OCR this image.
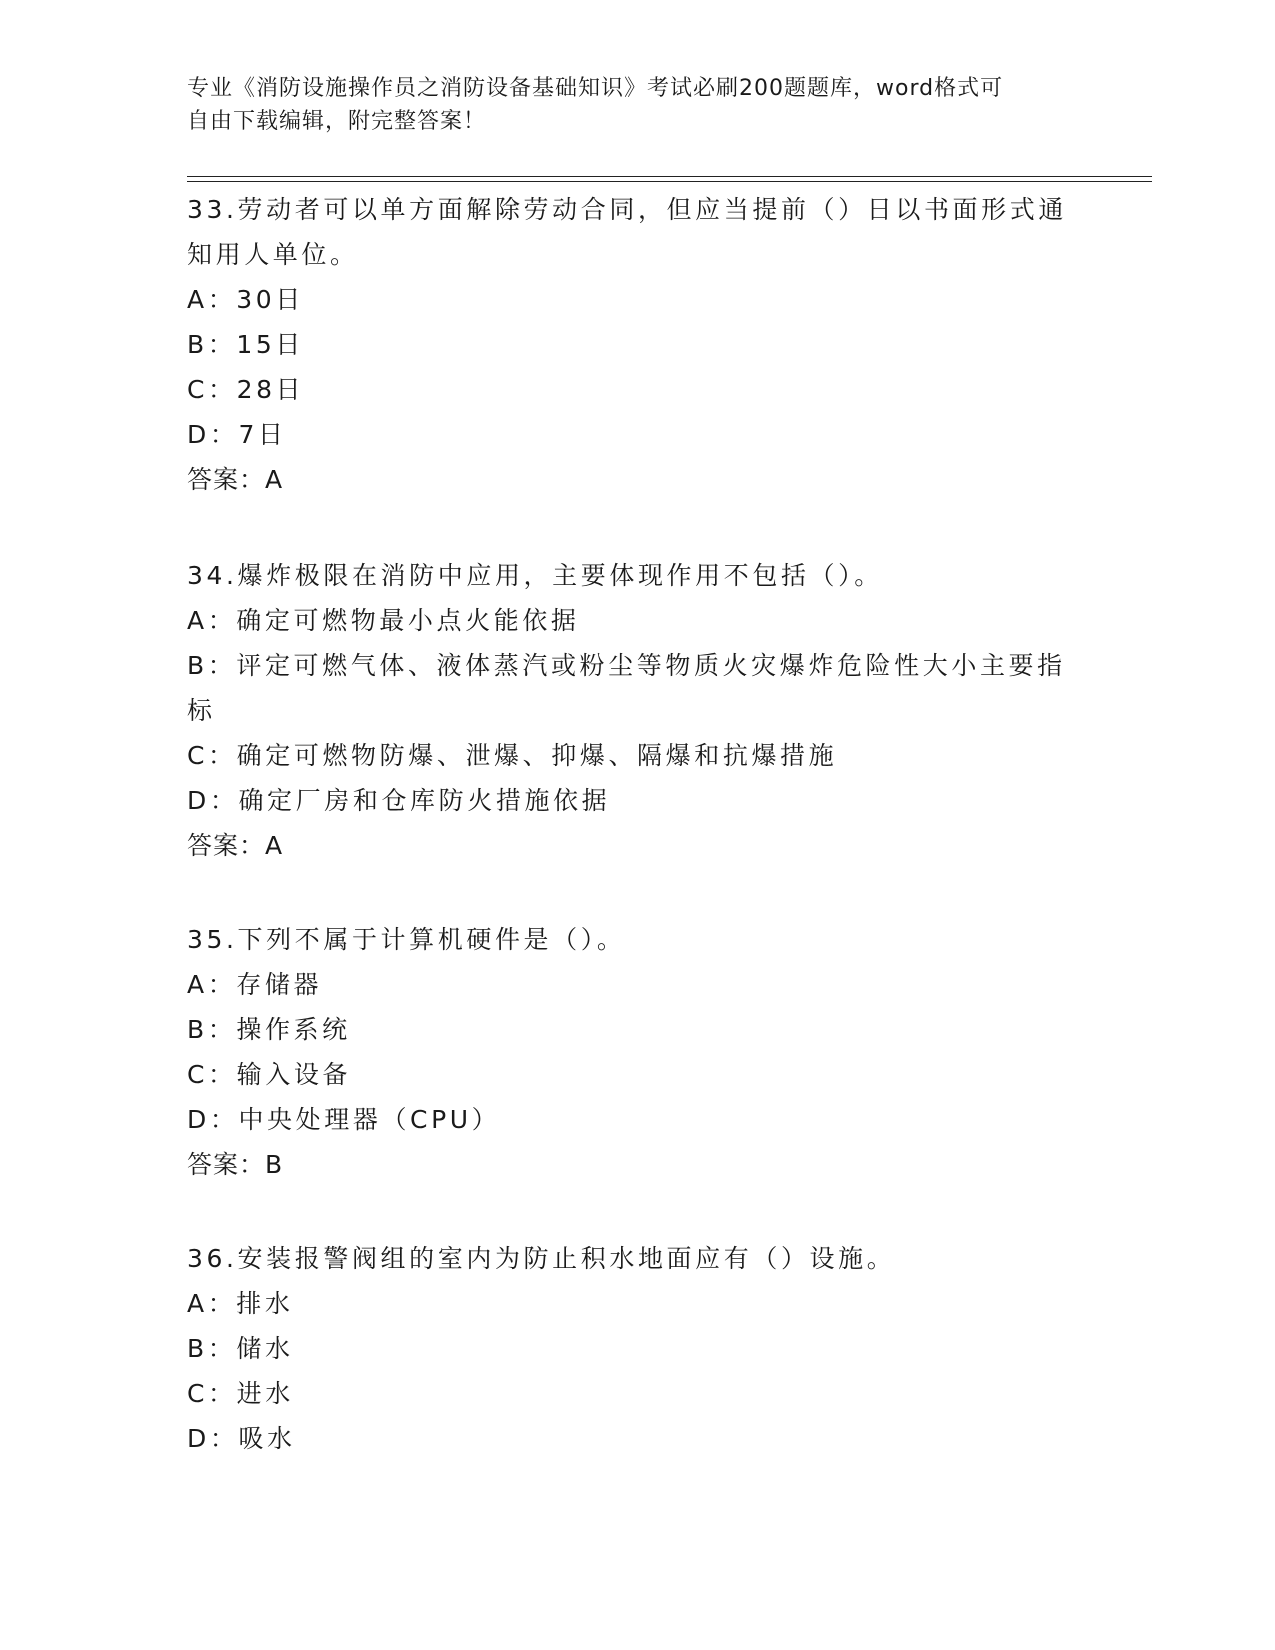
专业《消防设施操作员之消防设备基础知识》考试必刷200题题库，word格式可
自由下载编辑，附完整答案！

33.劳动者可以单方面解除劳动合同，但应当提前（）日以书面形式通

知用人单位。

A：30日

B：15日

C：28日

D：7日

答案：A

34.爆炸极限在消防中应用，主要体现作用不包括（）。

A：确定可燃物最小点火能依据

B：评定可燃气体、液体蒸汽或粉尘等物质火灾爆炸危险性大小主要指

标

C：确定可燃物防爆、泄爆、抑爆、隔爆和抗爆措施

D：确定厂房和仓库防火措施依据

答案：A

35.下列不属于计算机硬件是（）。

A：存储器

B：操作系统

C：输入设备

D：中央处理器（CPU）

答案：B

36.安装报警阀组的室内为防止积水地面应有（）设施。

A：排水

B：储水

C：进水

D：吸水
